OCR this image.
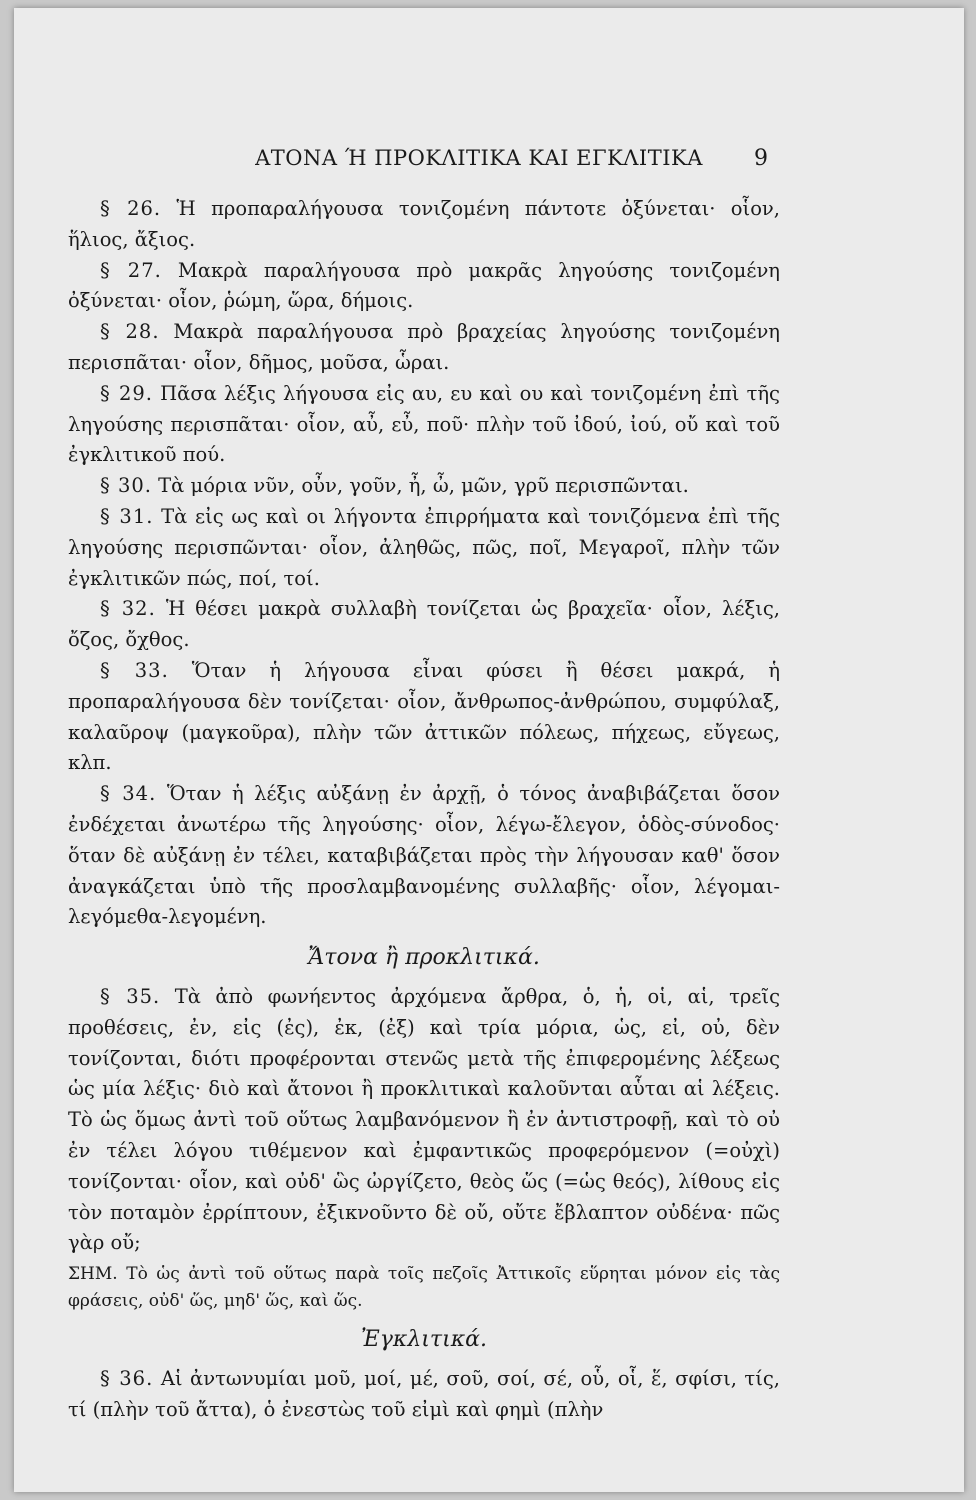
ΑΤΟΝΑ Ή ΠΡΟΚΛΙΤΙΚΑ ΚΑΙ ΕΓΚΛΙΤΙΚΑ	9

§ 26. Ἡ προπαραλήγουσα τονιζομένη πάντοτε ὀξύνεται· οἷον, ἥλιος, ἄξιος.

§ 27. Μακρὰ παραλήγουσα πρὸ μακρᾶς ληγούσης τονιζομένη ὀξύνεται· οἷον, ῥώμη, ὥρα, δήμοις.

§ 28. Μακρὰ παραλήγουσα πρὸ βραχείας ληγούσης τονιζομένη περισπᾶται· οἷον, δῆμος, μοῦσα, ὧραι.

§ 29. Πᾶσα λέξις λήγουσα εἰς αυ, ευ καὶ ου καὶ τονιζομένη ἐπὶ τῆς ληγούσης περισπᾶται· οἷον, αὖ, εὖ, ποῦ· πλὴν τοῦ ἰδού, ἰού, οὔ καὶ τοῦ ἐγκλιτικοῦ πού.

§ 30. Τὰ μόρια νῦν, οὖν, γοῦν, ἦ, ὦ, μῶν, γρῦ περισπῶνται.

§ 31. Τὰ εἰς ως καὶ οι λήγοντα ἐπιρρήματα καὶ τονιζόμενα ἐπὶ τῆς ληγούσης περισπῶνται· οἷον, ἀληθῶς, πῶς, ποῖ, Μεγαροῖ, πλὴν τῶν ἐγκλιτικῶν πώς, ποί, τοί.

§ 32. Ἡ θέσει μακρὰ συλλαβὴ τονίζεται ὡς βραχεῖα· οἷον, λέξις, ὄζος, ὄχθος.

§ 33. Ὅταν ἡ λήγουσα εἶναι φύσει ἢ θέσει μακρά, ἡ προπαραλήγουσα δὲν τονίζεται· οἷον, ἄνθρωπος-ἀνθρώπου, συμφύλαξ, καλαῦροψ (μαγκοῦρα), πλὴν τῶν ἀττικῶν πόλεως, πήχεως, εὔγεως, κλπ.

§ 34. Ὅταν ἡ λέξις αὐξάνῃ ἐν ἀρχῇ, ὁ τόνος ἀναβιβάζεται ὅσον ἐνδέχεται ἀνωτέρω τῆς ληγούσης· οἷον, λέγω-ἔλεγον, ὁδὸς-σύνοδος· ὅταν δὲ αὐξάνῃ ἐν τέλει, καταβιβάζεται πρὸς τὴν λήγουσαν καθ' ὅσον ἀναγκάζεται ὑπὸ τῆς προσλαμβανομένης συλλαβῆς· οἷον, λέγομαι-λεγόμεθα-λεγομένη.

Ἄτονα ἢ προκλιτικά.

§ 35. Τὰ ἀπὸ φωνήεντος ἀρχόμενα ἄρθρα, ὁ, ἡ, οἱ, αἱ, τρεῖς προθέσεις, ἐν, εἰς (ἐς), ἐκ, (ἐξ) καὶ τρία μόρια, ὡς, εἰ, οὐ, δὲν τονίζονται, διότι προφέρονται στενῶς μετὰ τῆς ἐπιφερομένης λέξεως ὡς μία λέξις· διὸ καὶ ἄτονοι ἢ προκλιτικαὶ καλοῦνται αὗται αἱ λέξεις. Τὸ ὡς ὅμως ἀντὶ τοῦ οὕτως λαμβανόμενον ἢ ἐν ἀντιστροφῇ, καὶ τὸ οὐ ἐν τέλει λόγου τιθέμενον καὶ ἐμφαντικῶς προφερόμενον (=οὐχὶ) τονίζονται· οἷον, καὶ οὐδ' ὣς ὠργίζετο, θεὸς ὥς (=ὡς θεός), λίθους εἰς τὸν ποταμὸν ἐρρίπτουν, ἐξικνοῦντο δὲ οὔ, οὔτε ἔβλαπτον οὐδένα· πῶς γὰρ οὔ;

ΣΗΜ. Τὸ ὡς ἀντὶ τοῦ οὕτως παρὰ τοῖς πεζοῖς Ἀττικοῖς εὕρηται μόνον εἰς τὰς φράσεις, οὐδ' ὥς, μηδ' ὥς, καὶ ὥς.

Ἐγκλιτικά.

§ 36. Αἱ ἀντωνυμίαι μοῦ, μοί, μέ, σοῦ, σοί, σέ, οὗ, οἷ, ἕ, σφίσι, τίς, τί (πλὴν τοῦ ἄττα), ὁ ἐνεστὼς τοῦ εἰμὶ καὶ φημὶ (πλὴν
